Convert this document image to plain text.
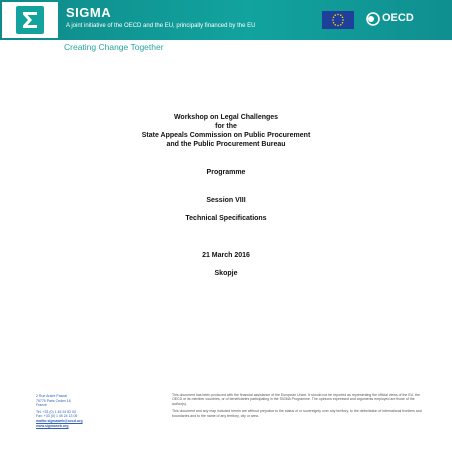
SIGMA
A joint initiative of the OECD and the EU, principally financed by the EU
OECD
Creating Change Together
Workshop on Legal Challenges
for the
State Appeals Commission on Public Procurement
and the Public Procurement Bureau
Programme
Session VIII
Technical Specifications
21 March 2016
Skopje
2 Rue André Pascal
75775 Paris Cedex 16
France
Tel: +33 (0) 1 45 24 82 00
Fax: +33 (0) 1 45 24 13 05
mailto:sigmaweb@oecd.org
www.sigmaweb.org

This document has been produced with the financial assistance of the European Union. It should not be reported as representing the official views of the EU, the OECD or its member countries, or of beneficiaries participating in the SIGMA Programme. The opinions expressed and arguments employed are those of the author(s).

This document and any map included herein are without prejudice to the status of or sovereignty over any territory, to the delimitation of international frontiers and boundaries and to the name of any territory, city or area.
